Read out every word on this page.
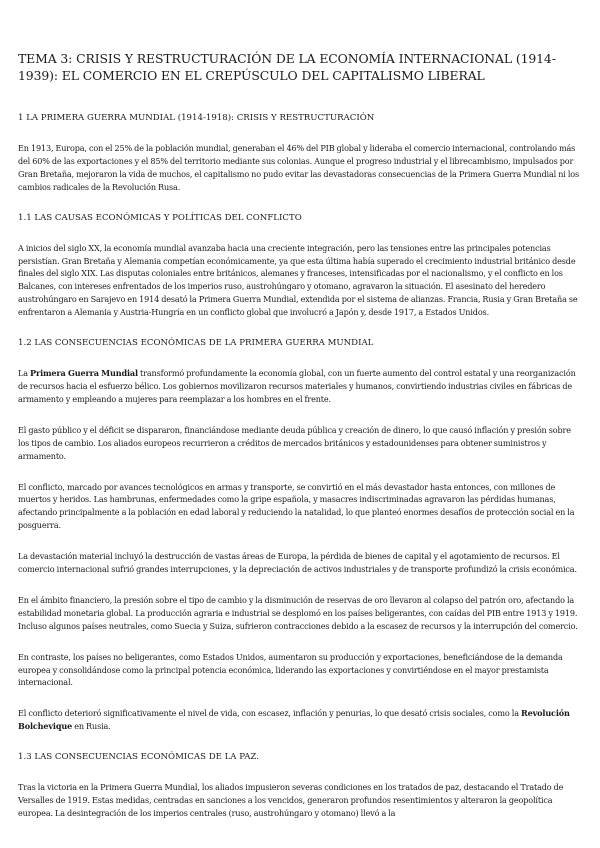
TEMA 3: CRISIS Y RESTRUCTURACIÓN DE LA ECONOMÍA INTERNACIONAL (1914-1939): EL COMERCIO EN EL CREPÚSCULO DEL CAPITALISMO LIBERAL
1 LA PRIMERA GUERRA MUNDIAL (1914-1918): CRISIS Y RESTRUCTURACIÓN

En 1913, Europa, con el 25% de la población mundial, generaban el 46% del PIB global y lideraba el comercio internacional, controlando más del 60% de las exportaciones y el 85% del territorio mediante sus colonias. Aunque el progreso industrial y el librecambismo, impulsados por Gran Bretaña, mejoraron la vida de muchos, el capitalismo no pudo evitar las devastadoras consecuencias de la Primera Guerra Mundial ni los cambios radicales de la Revolución Rusa.

1.1 LAS CAUSAS ECONÓMICAS Y POLÍTICAS DEL CONFLICTO

A inicios del siglo XX, la economía mundial avanzaba hacia una creciente integración, pero las tensiones entre las principales potencias persistían. Gran Bretaña y Alemania competían económicamente, ya que esta última había superado el crecimiento industrial británico desde finales del siglo XIX. Las disputas coloniales entre británicos, alemanes y franceses, intensificadas por el nacionalismo, y el conflicto en los Balcanes, con intereses enfrentados de los imperios ruso, austrohúngaro y otomano, agravaron la situación. El asesinato del heredero austrohúngaro en Sarajevo en 1914 desató la Primera Guerra Mundial, extendida por el sistema de alianzas. Francia, Rusia y Gran Bretaña se enfrentaron a Alemania y Austria-Hungría en un conflicto global que involucró a Japón y, desde 1917, a Estados Unidos.

1.2 LAS CONSECUENCIAS ECONÓMICAS DE LA PRIMERA GUERRA MUNDIAL

La Primera Guerra Mundial transformó profundamente la economía global, con un fuerte aumento del control estatal y una reorganización de recursos hacia el esfuerzo bélico. Los gobiernos movilizaron recursos materiales y humanos, convirtiendo industrias civiles en fábricas de armamento y empleando a mujeres para reemplazar a los hombres en el frente.

El gasto público y el déficit se dispararon, financiándose mediante deuda pública y creación de dinero, lo que causó inflación y presión sobre los tipos de cambio. Los aliados europeos recurrieron a créditos de mercados británicos y estadounidenses para obtener suministros y armamento.

El conflicto, marcado por avances tecnológicos en armas y transporte, se convirtió en el más devastador hasta entonces, con millones de muertos y heridos. Las hambrunas, enfermedades como la gripe española, y masacres indiscriminadas agravaron las pérdidas humanas, afectando principalmente a la población en edad laboral y reduciendo la natalidad, lo que planteó enormes desafíos de protección social en la posguerra.

La devastación material incluyó la destrucción de vastas áreas de Europa, la pérdida de bienes de capital y el agotamiento de recursos. El comercio internacional sufrió grandes interrupciones, y la depreciación de activos industriales y de transporte profundizó la crisis económica.

En el ámbito financiero, la presión sobre el tipo de cambio y la disminución de reservas de oro llevaron al colapso del patrón oro, afectando la estabilidad monetaria global. La producción agraria e industrial se desplomó en los países beligerantes, con caídas del PIB entre 1913 y 1919. Incluso algunos países neutrales, como Suecia y Suiza, sufrieron contracciones debido a la escasez de recursos y la interrupción del comercio.

En contraste, los países no beligerantes, como Estados Unidos, aumentaron su producción y exportaciones, beneficiándose de la demanda europea y consolidándose como la principal potencia económica, liderando las exportaciones y convirtiéndose en el mayor prestamista internacional.

El conflicto deterioró significativamente el nivel de vida, con escasez, inflación y penurias, lo que desató crisis sociales, como la Revolución Bolchevique en Rusia.

1.3 LAS CONSECUENCIAS ECONÓMICAS DE LA PAZ.

Tras la victoria en la Primera Guerra Mundial, los aliados impusieron severas condiciones en los tratados de paz, destacando el Tratado de Versalles de 1919. Estas medidas, centradas en sanciones a los vencidos, generaron profundos resentimientos y alteraron la geopolítica europea. La desintegración de los imperios centrales (ruso, austrohúngaro y otomano) llevó a la
